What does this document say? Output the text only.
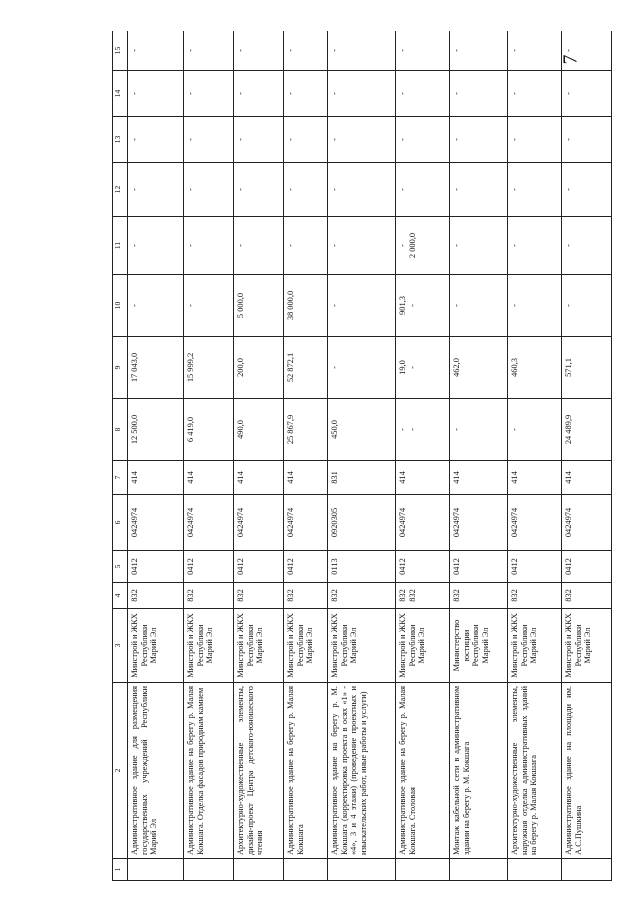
7
1	2	3	4	5	6	7	8	9	10	11	12	13	14	15
	Административное здание для размещения государственных учреждений Республики Марий Эл	Минстрой и ЖКХ Республики Марий Эл	832	0412	0424974	414	12 500,0	17 043,0	-	-	-	-	-	-
	Административное здание на берегу р. Малая Кокшага. Отделка фасадов природным камнем	Минстрой и ЖКХ Республики Марий Эл	832	0412	0424974	414	6 419,0	15 999,2	-	-	-	-	-	-
	Архитектурно-художественные элементы, дизайн-проект Центра детского-юношеского чтения	Минстрой и ЖКХ Республики Марий Эл	832	0412	0424974	414	490,0	200,0	5 000,0	-	-	-	-	-
	Административное здание на берегу р. Малая Кокшага	Минстрой и ЖКХ Республики Марий Эл	832	0412	0424974	414	25 867,9	52 872,1	38 000,0	-	-	-	-	-
	Административное здание на берегу р. М. Кокшага (корректировка проекта в осях «1» - «4», 3 и 4 этажи) (проведение проектных и изыскательских работ, иные работы и услуги)	Минстрой и ЖКХ Республики Марий Эл	832	0113	0920305	831	450,0	-	-	-	-	-	-	-
	Административное здание на берегу р. Малая Кокшага. Столовая	Минстрой и ЖКХ Республики Марий Эл	832 832	0412	0424974	414	- -	19,0 -	901,3 -	- 2 000,0	-	-	-	-
	Монтаж кабельной сети в административном здании на берегу р. М. Кокшага	Министерство юстиции Республики Марий Эл	832	0412	0424974	414	-	462,0	-	-	-	-	-	-
	Архитектурно-художественные элементы, наружная отделка административных зданий на берегу р. Малая Кокшага	Минстрой и ЖКХ Республики Марий Эл	832	0412	0424974	414	-	460,3	-	-	-	-	-	-
	Административное здание на площади им. А.С.Пушкина	Минстрой и ЖКХ Республики Марий Эл	832	0412	0424974	414	24 489,9	571,1	-	-	-	-	-	-
